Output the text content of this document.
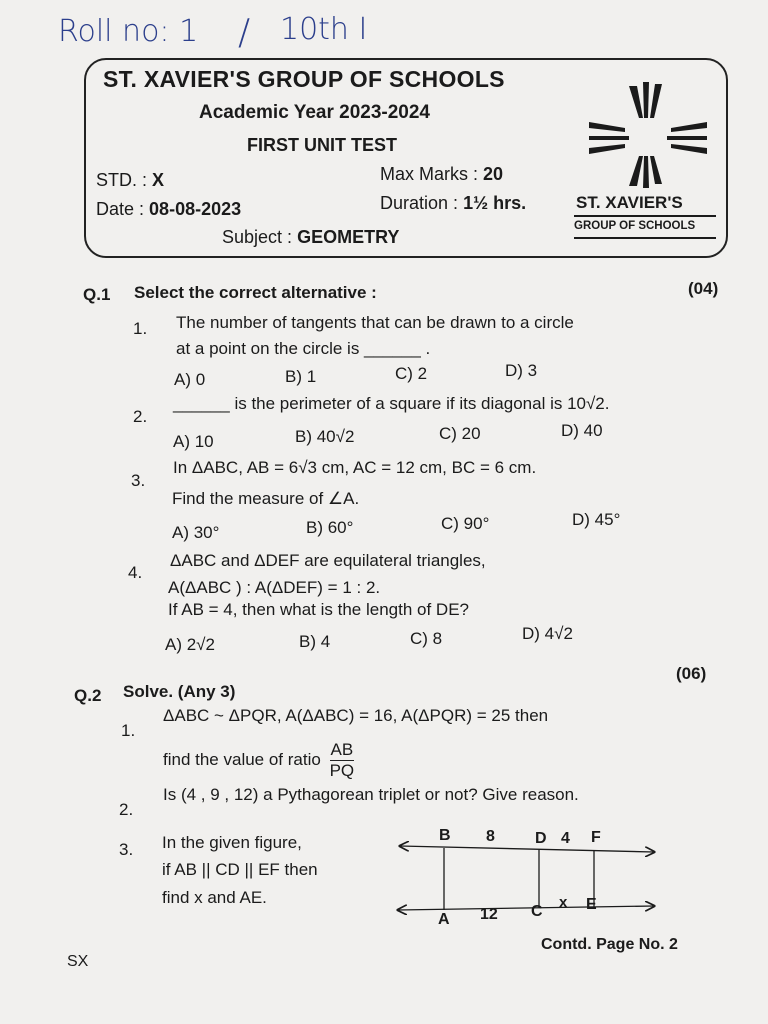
Roll no: 1 / 10th I
ST. XAVIER'S GROUP OF SCHOOLS
Academic Year 2023-2024
FIRST UNIT TEST
STD. : X
Date : 08-08-2023
Max Marks : 20
Duration : 1½ hrs.
Subject : GEOMETRY
ST. XAVIER'S
GROUP OF SCHOOLS
Q.1 Select the correct alternative :	(04)
1. The number of tangents that can be drawn to a circle
at a point on the circle is ______ .
A) 0	B) 1	C) 2	D) 3
2.
______ is the perimeter of a square if its diagonal is 10√2.
A) 10	B) 40√2	C) 20	D) 40
3.
In ΔABC, AB = 6√3 cm, AC = 12 cm, BC = 6 cm.
Find the measure of ∠A.
A) 30°	B) 60°	C) 90°	D) 45°
4.
ΔABC and ΔDEF are equilateral triangles,
A(ΔABC ) : A(ΔDEF) = 1 : 2.
If AB = 4, then what is the length of DE?
A) 2√2	B) 4	C) 8	D) 4√2
(06)
Q.2 Solve. (Any 3)
1.
ΔABC ~ ΔPQR, A(ΔABC) = 16, A(ΔPQR) = 25 then
find the value of ratio $\frac{AB}{PQ}$
2.
Is (4 , 9 , 12) a Pythagorean triplet or not? Give reason.
3. In the given figure,
if AB || CD || EF then
find x and AE.
B 8	D 4 F
A 12 C
x E
Contd. Page No. 2
SX
